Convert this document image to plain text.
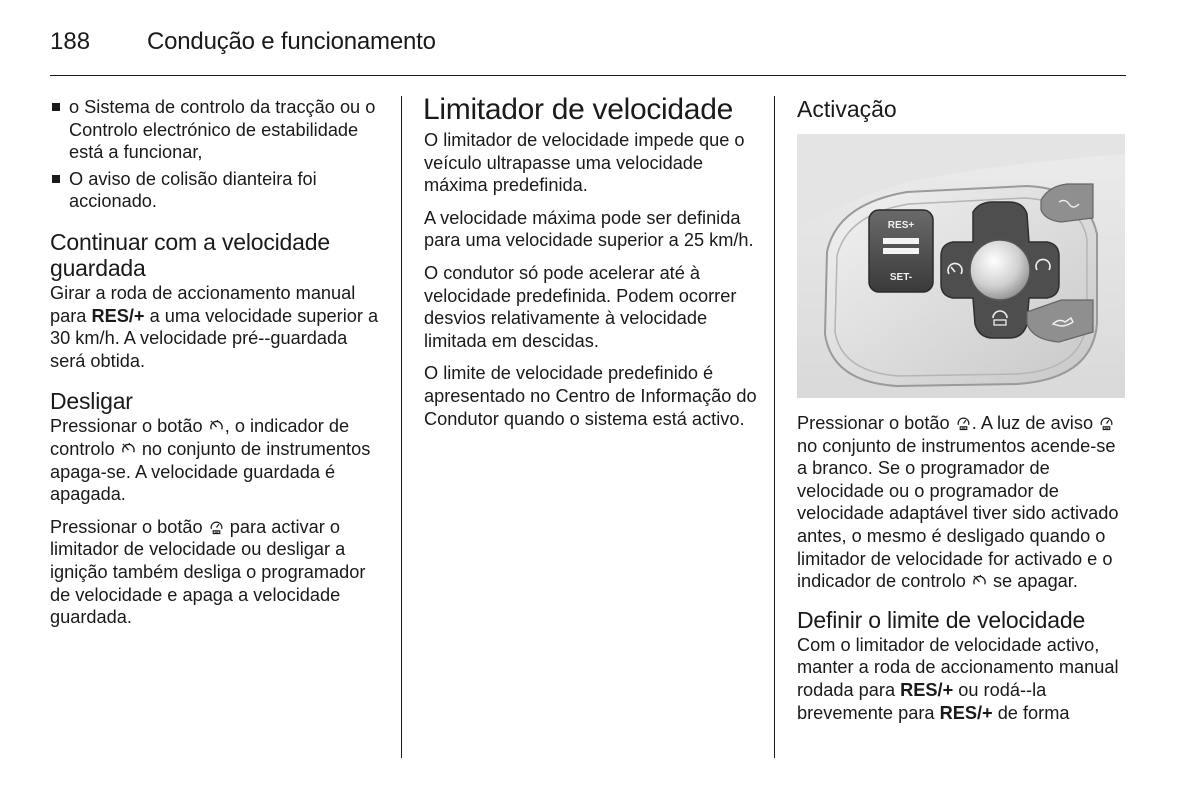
188 Condução e funcionamento
o Sistema de controlo da tracção ou o Controlo electrónico de estabilidade está a funcionar,
O aviso de colisão dianteira foi accionado.
Continuar com a velocidade guardada

Girar a roda de accionamento manual para RES/+ a uma velocidade superior a 30 km/h. A velocidade pré--guardada será obtida.

Desligar

Pressionar o botão , o indicador de controlo  no conjunto de instrumentos apaga-se. A velocidade guardada é apagada.

Pressionar o botão  para activar o limitador de velocidade ou desligar a ignição também desliga o programador de velocidade e apaga a velocidade guardada.

Limitador de velocidade

O limitador de velocidade impede que o veículo ultrapasse uma velocidade máxima predefinida.

A velocidade máxima pode ser definida para uma velocidade superior a 25 km/h.

O condutor só pode acelerar até à velocidade predefinida. Podem ocorrer desvios relativamente à velocidade limitada em descidas.

O limite de velocidade predefinido é apresentado no Centro de Informação do Condutor quando o sistema está activo.

Activação
RES+
SET-

Pressionar o botão . A luz de aviso  no conjunto de instrumentos acende-se a branco. Se o programador de velocidade ou o programador de velocidade adaptável tiver sido activado antes, o mesmo é desligado quando o limitador de velocidade for activado e o indicador de controlo  se apagar.

Definir o limite de velocidade

Com o limitador de velocidade activo, manter a roda de accionamento manual rodada para RES/+ ou rodá--la brevemente para RES/+ de forma
